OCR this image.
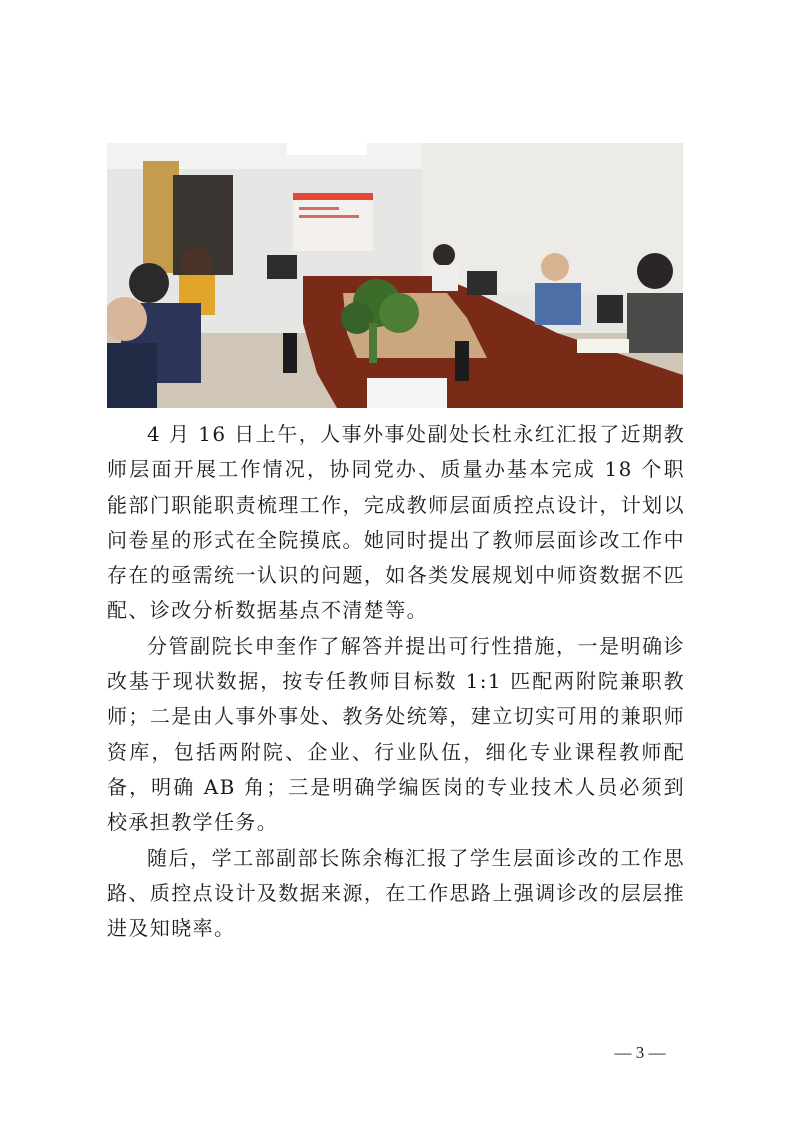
4 月 16 日上午，人事外事处副处长杜永红汇报了近期教师层面开展工作情况，协同党办、质量办基本完成 18 个职能部门职能职责梳理工作，完成教师层面质控点设计，计划以问卷星的形式在全院摸底。她同时提出了教师层面诊改工作中存在的亟需统一认识的问题，如各类发展规划中师资数据不匹配、诊改分析数据基点不清楚等。

分管副院长申奎作了解答并提出可行性措施，一是明确诊改基于现状数据，按专任教师目标数 1:1 匹配两附院兼职教师；二是由人事外事处、教务处统筹，建立切实可用的兼职师资库，包括两附院、企业、行业队伍，细化专业课程教师配备，明确 AB 角；三是明确学编医岗的专业技术人员必须到校承担教学任务。

随后，学工部副部长陈余梅汇报了学生层面诊改的工作思路、质控点设计及数据来源，在工作思路上强调诊改的层层推进及知晓率。

— 3 —
